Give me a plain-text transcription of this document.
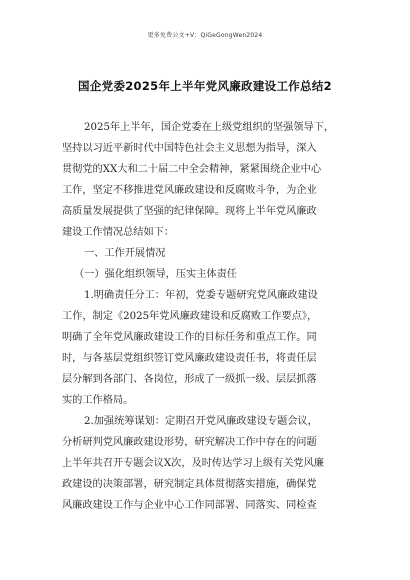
更多免费公文+V：QiGeGongWen2024
国企党委2025年上半年党风廉政建设工作总结2
2025年上半年，国企党委在上级党组织的坚强领导下，
坚持以习近平新时代中国特色社会主义思想为指导，深入
贯彻党的XX大和二十届二中全会精神，紧紧围绕企业中心
工作，坚定不移推进党风廉政建设和反腐败斗争，为企业
高质量发展提供了坚强的纪律保障。现将上半年党风廉政
建设工作情况总结如下：
一、工作开展情况
（一）强化组织领导，压实主体责任
1.明确责任分工：年初，党委专题研究党风廉政建设
工作，制定《2025年党风廉政建设和反腐败工作要点》，
明确了全年党风廉政建设工作的目标任务和重点工作。同
时，与各基层党组织签订党风廉政建设责任书，将责任层
层分解到各部门、各岗位，形成了一级抓一级、层层抓落
实的工作格局。
2.加强统筹谋划：定期召开党风廉政建设专题会议，
分析研判党风廉政建设形势，研究解决工作中存在的问题
上半年共召开专题会议X次，及时传达学习上级有关党风廉
政建设的决策部署，研究制定具体贯彻落实措施，确保党
风廉政建设工作与企业中心工作同部署、同落实、同检查
